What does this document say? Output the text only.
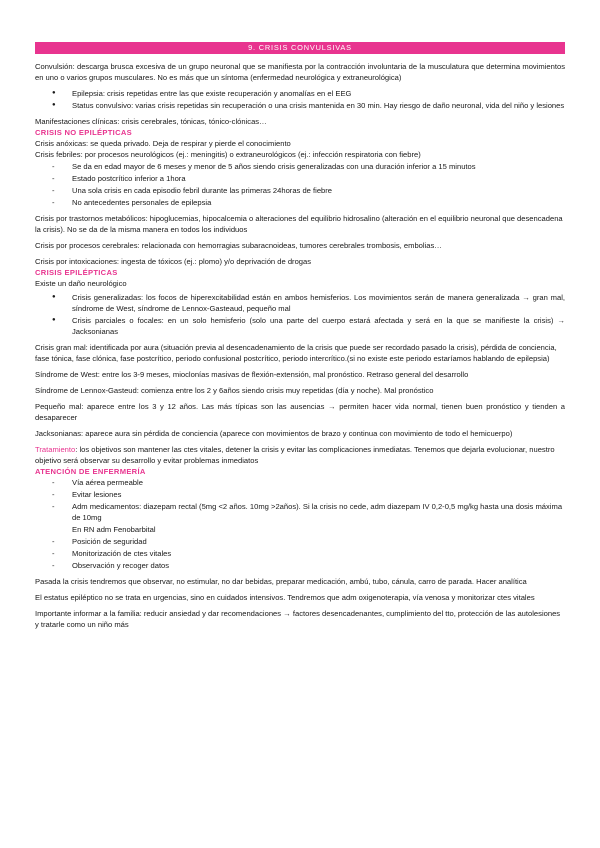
9. CRISIS CONVULSIVAS

Convulsión: descarga brusca excesiva de un grupo neuronal que se manifiesta por la contracción involuntaria de la musculatura que determina movimientos en uno o varios grupos musculares. No es más que un síntoma (enfermedad neurológica y extraneurológica)

● Epilepsia: crisis repetidas entre las que existe recuperación y anomalías en el EEG
● Status convulsivo: varias crisis repetidas sin recuperación o una crisis mantenida en 30 min. Hay riesgo de daño neuronal, vida del niño y lesiones

Manifestaciones clínicas: crisis cerebrales, tónicas, tónico-clónicas…

CRISIS NO EPILÉPTICAS

Crisis anóxicas: se queda privado. Deja de respirar y pierde el conocimiento

Crisis febriles: por procesos neurológicos (ej.: meningitis) o extraneurológicos (ej.: infección respiratoria con fiebre)

- Se da en edad mayor de 6 meses y menor de 5 años siendo crisis generalizadas con una duración inferior a 15 minutos
- Estado postcrítico inferior a 1hora
- Una sola crisis en cada episodio febril durante las primeras 24horas de fiebre
- No antecedentes personales de epilepsia

Crisis por trastornos metabólicos: hipoglucemias, hipocalcemia o alteraciones del equilibrio hidrosalino (alteración en el equilibrio neuronal que desencadena la crisis). No se da de la misma manera en todos los individuos

Crisis por procesos cerebrales: relacionada con hemorragias subaracnoideas, tumores cerebrales trombosis, embolias…

Crisis por intoxicaciones: ingesta de tóxicos (ej.: plomo) y/o deprivación de drogas

CRISIS EPILÉPTICAS

Existe un daño neurológico

● Crisis generalizadas: los focos de hiperexcitabilidad están en ambos hemisferios. Los movimientos serán de manera generalizada → gran mal, síndrome de West, síndrome de Lennox-Gasteaud, pequeño mal
● Crisis parciales o focales: en un solo hemisferio (solo una parte del cuerpo estará afectada y será en la que se manifieste la crisis) → Jacksonianas

Crisis gran mal: identificada por aura (situación previa al desencadenamiento de la crisis que puede ser recordado pasado la crisis), pérdida de conciencia, fase tónica, fase clónica, fase postcrítico, periodo confusional postcrítico, periodo intercrítico.(si no existe este periodo estaríamos hablando de epilepsia)

Síndrome de West: entre los 3-9 meses, mioclonías masivas de flexión-extensión, mal pronóstico. Retraso general del desarrollo

Síndrome de Lennox-Gasteud: comienza entre los 2 y 6años siendo crisis muy repetidas (día y noche). Mal pronóstico

Pequeño mal: aparece entre los 3 y 12 años. Las más típicas son las ausencias → permiten hacer vida normal, tienen buen pronóstico y tienden a desaparecer

Jacksonianas: aparece aura sin pérdida de conciencia (aparece con movimientos de brazo y continua con movimiento de todo el hemicuerpo)

Tratamiento: los objetivos son mantener las ctes vitales, detener la crisis y evitar las complicaciones inmediatas. Tenemos que dejarla evolucionar, nuestro objetivo será observar su desarrollo y evitar problemas inmediatos

ATENCIÓN DE ENFERMERÍA

- Vía aérea permeable
- Evitar lesiones
- Adm medicamentos: diazepam rectal (5mg <2 años. 10mg >2años). Si la crisis no cede, adm diazepam IV 0,2-0,5 mg/kg hasta una dosis máxima de 10mg
En RN adm Fenobarbital
- Posición de seguridad
- Monitorización de ctes vitales
- Observación y recoger datos

Pasada la crisis tendremos que observar, no estimular, no dar bebidas, preparar medicación, ambú, tubo, cánula, carro de parada. Hacer analítica

El estatus epiléptico no se trata en urgencias, sino en cuidados intensivos. Tendremos que adm oxigenoterapia, vía venosa y monitorizar ctes vitales

Importante informar a la familia: reducir ansiedad y dar recomendaciones → factores desencadenantes, cumplimiento del tto, protección de las autolesiones y tratarle como un niño más
